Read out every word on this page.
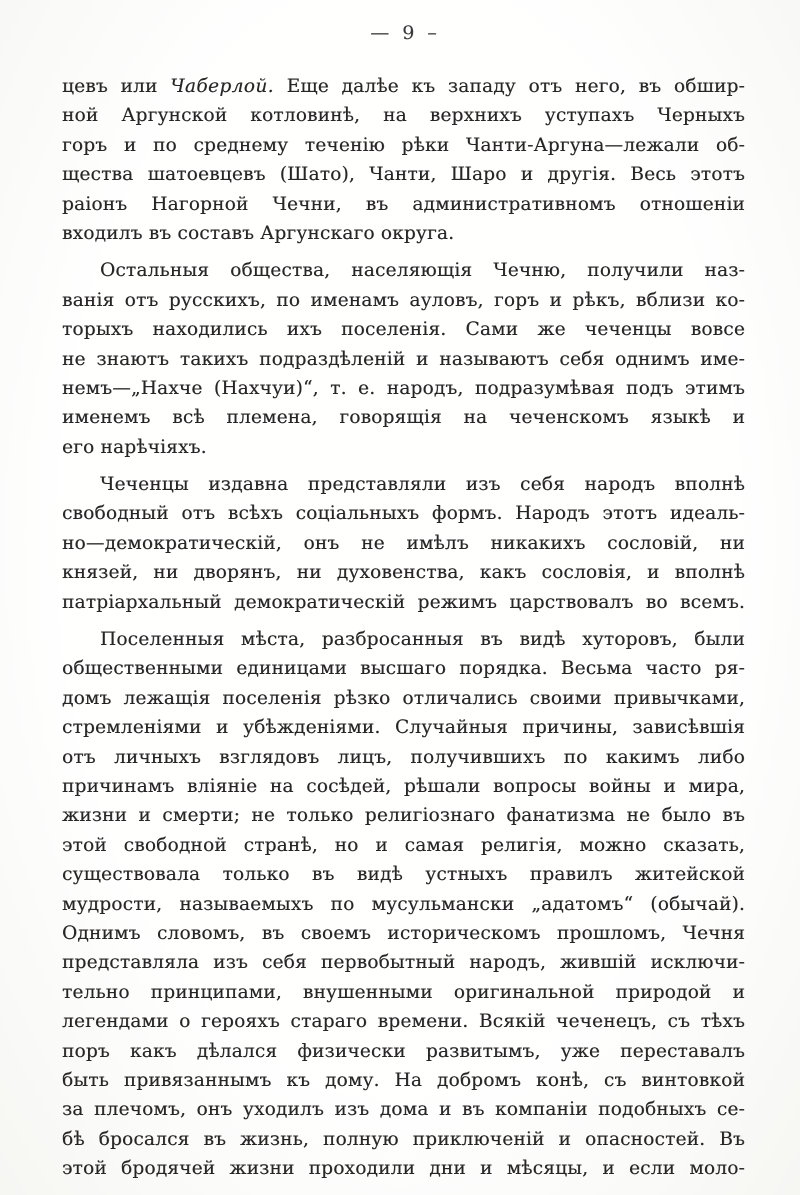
— 9 –
цевъ или Чаберлой. Еще далѣе къ западу отъ него, въ обшир-
ной Аргунской котловинѣ, на верхнихъ уступахъ Черныхъ
горъ и по среднему теченію рѣки Чанти-Аргуна—лежали об-
щества шатоевцевъ (Шато), Чанти, Шаро и другія. Весь этотъ
раіонъ Нагорной Чечни, въ административномъ отношеніи
входилъ въ составъ Аргунскаго округа.
Остальныя общества, населяющія Чечню, получили наз-
ванія отъ русскихъ, по именамъ ауловъ, горъ и рѣкъ, вблизи ко-
торыхъ находились ихъ поселенія. Сами же чеченцы вовсе
не знаютъ такихъ подраздѣленій и называютъ себя однимъ име-
немъ—„Нахче (Нахчуи)“, т. е. народъ, подразумѣвая подъ этимъ
именемъ всѣ племена, говорящія на чеченскомъ языкѣ и
его нарѣчіяхъ.
Чеченцы издавна представляли изъ себя народъ вполнѣ
свободный отъ всѣхъ соціальныхъ формъ. Народъ этотъ идеаль-
но—демократическій, онъ не имѣлъ никакихъ сословій, ни
князей, ни дворянъ, ни духовенства, какъ сословія, и вполнѣ
патріархальный демократическій режимъ царствовалъ во всемъ.
Поселенныя мѣста, разбросанныя въ видѣ хуторовъ, были
общественными единицами высшаго порядка. Весьма часто ря-
домъ лежащія поселенія рѣзко отличались своими привычками,
стремленіями и убѣжденіями. Случайныя причины, зависѣвшія
отъ личныхъ взглядовъ лицъ, получившихъ по какимъ либо
причинамъ вліяніе на сосѣдей, рѣшали вопросы войны и мира,
жизни и смерти; не только религіознаго фанатизма не было въ
этой свободной странѣ, но и самая религія, можно сказать,
существовала только въ видѣ устныхъ правилъ житейской
мудрости, называемыхъ по мусульмански „адатомъ“ (обычай).
Однимъ словомъ, въ своемъ историческомъ прошломъ, Чечня
представляла изъ себя первобытный народъ, жившій исключи-
тельно принципами, внушенными оригинальной природой и
легендами о герояхъ стараго времени. Всякій чеченецъ, съ тѣхъ
поръ какъ дѣлался физически развитымъ, уже переставалъ
быть привязаннымъ къ дому. На добромъ конѣ, съ винтовкой
за плечомъ, онъ уходилъ изъ дома и въ компаніи подобныхъ се-
бѣ бросался въ жизнь, полную приключеній и опасностей. Въ
этой бродячей жизни проходили дни и мѣсяцы, и если моло-
